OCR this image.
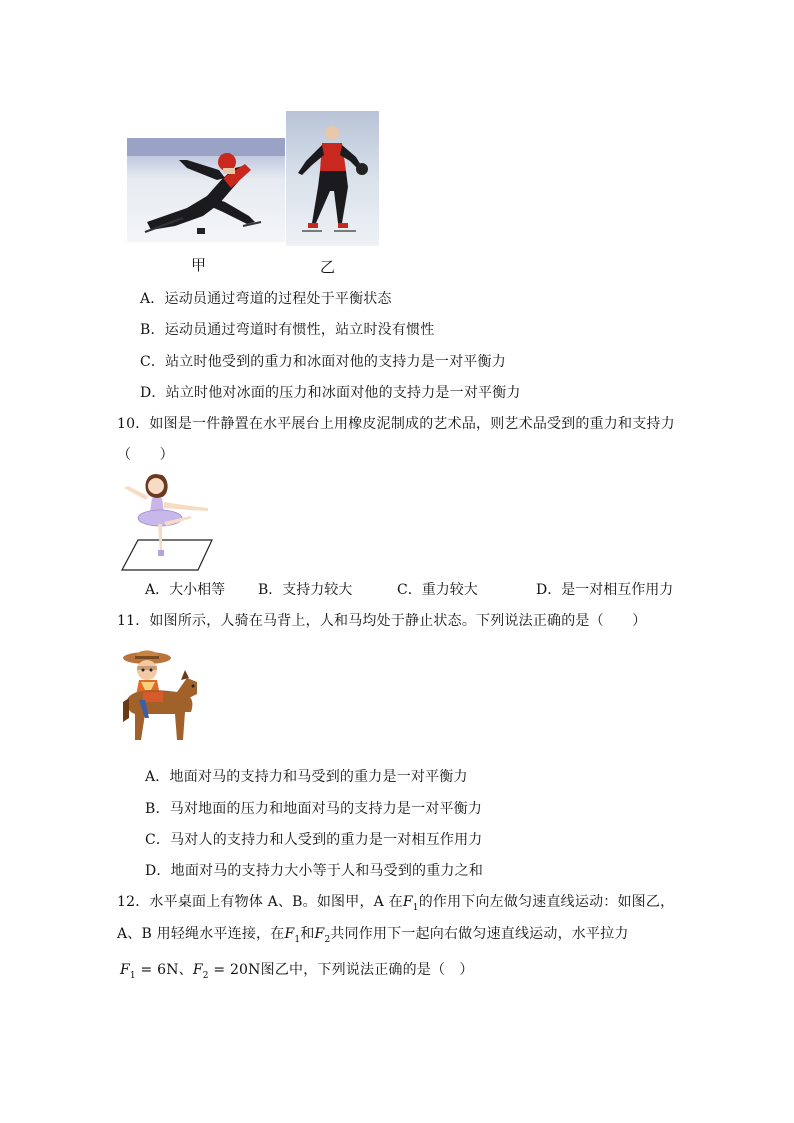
甲	乙
A．运动员通过弯道的过程处于平衡状态
B．运动员通过弯道时有惯性，站立时没有惯性
C．站立时他受到的重力和冰面对他的支持力是一对平衡力
D．站立时他对冰面的压力和冰面对他的支持力是一对平衡力
10．如图是一件静置在水平展台上用橡皮泥制成的艺术品，则艺术品受到的重力和支持力
（　　）
A．大小相等 B．支持力较大	C．重力较大	D．是一对相互作用力
11．如图所示，人骑在马背上，人和马均处于静止状态。下列说法正确的是（　　）
A．地面对马的支持力和马受到的重力是一对平衡力
B．马对地面的压力和地面对马的支持力是一对平衡力
C．马对人的支持力和人受到的重力是一对相互作用力
D．地面对马的支持力大小等于人和马受到的重力之和
12．水平桌面上有物体 A、B。如图甲，A 在$F_1$的作用下向左做匀速直线运动：如图乙，
A、B 用轻绳水平连接，在$F_1$和$F_2$共同作用下一起向右做匀速直线运动，水平拉力
$F_1 = 6N$、$F_2 = 20N$图乙中，下列说法正确的是（　）
